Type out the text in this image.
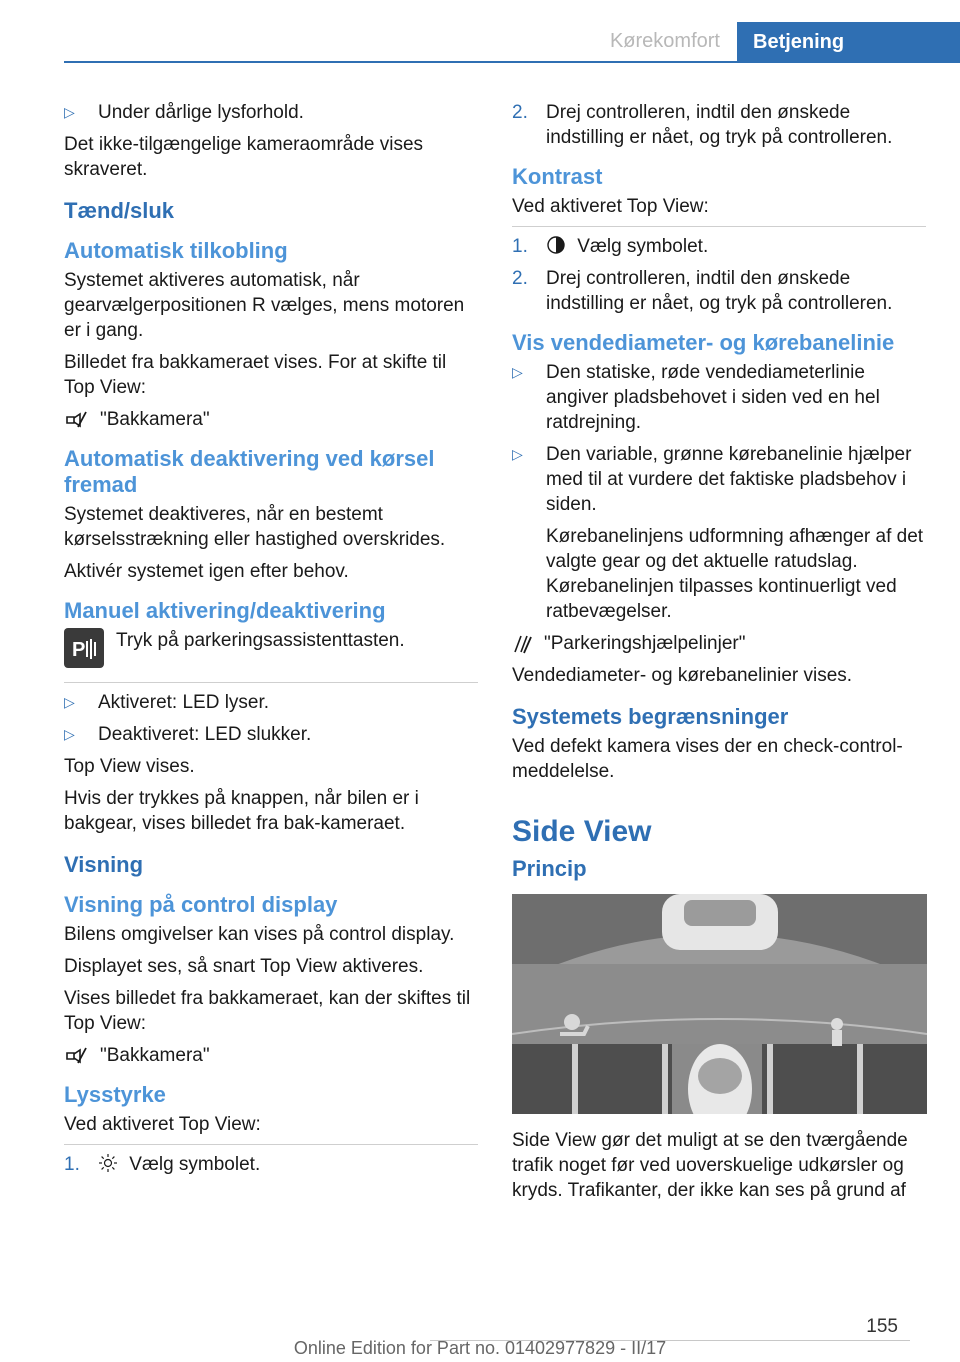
Kørekomfort	Betjening
▷ Under dårlige lysforhold.

Det ikke-tilgængelige kameraområde vises skraveret.

Tænd/sluk
Automatisk tilkobling

Systemet aktiveres automatisk, når gearvælgerpositionen R vælges, mens motoren er i gang.

Billedet fra bakkameraet vises. For at skifte til Top View:

"Bakkamera"
Automatisk deaktivering ved kørsel fremad

Systemet deaktiveres, når en bestemt kørselsstrækning eller hastighed overskrides.

Aktivér systemet igen efter behov.

Manuel aktivering/deaktivering
P Tryk på parkeringsassistenttasten.
▷ Aktiveret: LED lyser.
▷ Deaktiveret: LED slukker.

Top View vises.

Hvis der trykkes på knappen, når bilen er i bakgear, vises billedet fra bak-kameraet.

Visning
Visning på control display

Bilens omgivelser kan vises på control display.

Displayet ses, så snart Top View aktiveres.

Vises billedet fra bakkameraet, kan der skiftes til Top View:

"Bakkamera"
Lysstyrke

Ved aktiveret Top View:

1.	Vælg symbolet.
2. Drej controlleren, indtil den ønskede indstilling er nået, og tryk på controlleren.
Kontrast

Ved aktiveret Top View:

1.	Vælg symbolet.
2. Drej controlleren, indtil den ønskede indstilling er nået, og tryk på controlleren.
Vis vendediameter- og kørebanelinie
▷ Den statiske, røde vendediameterlinie angiver pladsbehovet i siden ved en hel ratdrejning.
▷ Den variable, grønne kørebanelinie hjælper med til at vurdere det faktiske pladsbehov i siden.

Kørebanelinjens udformning afhænger af det valgte gear og det aktuelle ratudslag. Kørebanelinjen tilpasses kontinuerligt ved ratbevægelser.

"Parkeringshjælpelinjer"

Vendediameter- og kørebanelinier vises.

Systemets begrænsninger

Ved defekt kamera vises der en check-control-meddelelse.

Side View
Princip

Side View gør det muligt at se den tværgående trafik noget før ved uoverskuelige udkørsler og kryds. Trafikanter, der ikke kan ses på grund af

155
Online Edition for Part no. 01402977829 - II/17
